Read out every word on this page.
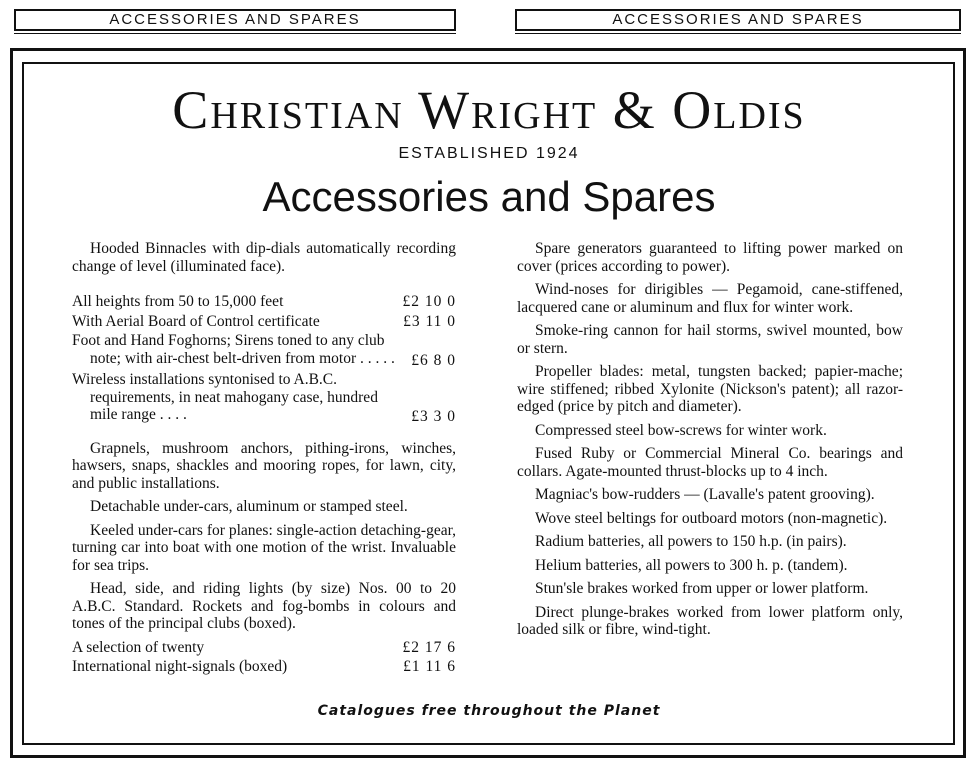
ACCESSORIES AND SPARES	ACCESSORIES AND SPARES
Christian Wright & Oldis
ESTABLISHED 1924
Accessories and Spares

Hooded Binnacles with dip-dials automatically recording change of level (illuminated face).

All heights from 50 to 15,000 feet	£2 10 0
With Aerial Board of Control certificate	£3 11 0
Foot and Hand Foghorns; Sirens toned to any club note; with air-chest belt-driven from motor . . . . .	£6 8 0
Wireless installations syntonised to A.B.C. requirements, in neat mahogany case, hundred mile range . . . .	£3 3 0

Grapnels, mushroom anchors, pithing-irons, winches, hawsers, snaps, shackles and mooring ropes, for lawn, city, and public installations.

Detachable under-cars, aluminum or stamped steel.

Keeled under-cars for planes: single-action detaching-gear, turning car into boat with one motion of the wrist. Invaluable for sea trips.

Head, side, and riding lights (by size) Nos. 00 to 20 A.B.C. Standard. Rockets and fog-bombs in colours and tones of the principal clubs (boxed).

A selection of twenty	£2 17 6
International night-signals (boxed)	£1 11 6

Spare generators guaranteed to lifting power marked on cover (prices according to power).

Wind-noses for dirigibles — Pegamoid, cane-stiffened, lacquered cane or aluminum and flux for winter work.

Smoke-ring cannon for hail storms, swivel mounted, bow or stern.

Propeller blades: metal, tungsten backed; papier-mache; wire stiffened; ribbed Xylonite (Nickson's patent); all razor-edged (price by pitch and diameter).

Compressed steel bow-screws for winter work.

Fused Ruby or Commercial Mineral Co. bearings and collars. Agate-mounted thrust-blocks up to 4 inch.

Magniac's bow-rudders — (Lavalle's patent grooving).

Wove steel beltings for outboard motors (non-magnetic).

Radium batteries, all powers to 150 h.p. (in pairs).

Helium batteries, all powers to 300 h. p. (tandem).

Stun'sle brakes worked from upper or lower platform.

Direct plunge-brakes worked from lower platform only, loaded silk or fibre, wind-tight.

Catalogues free throughout the Planet
